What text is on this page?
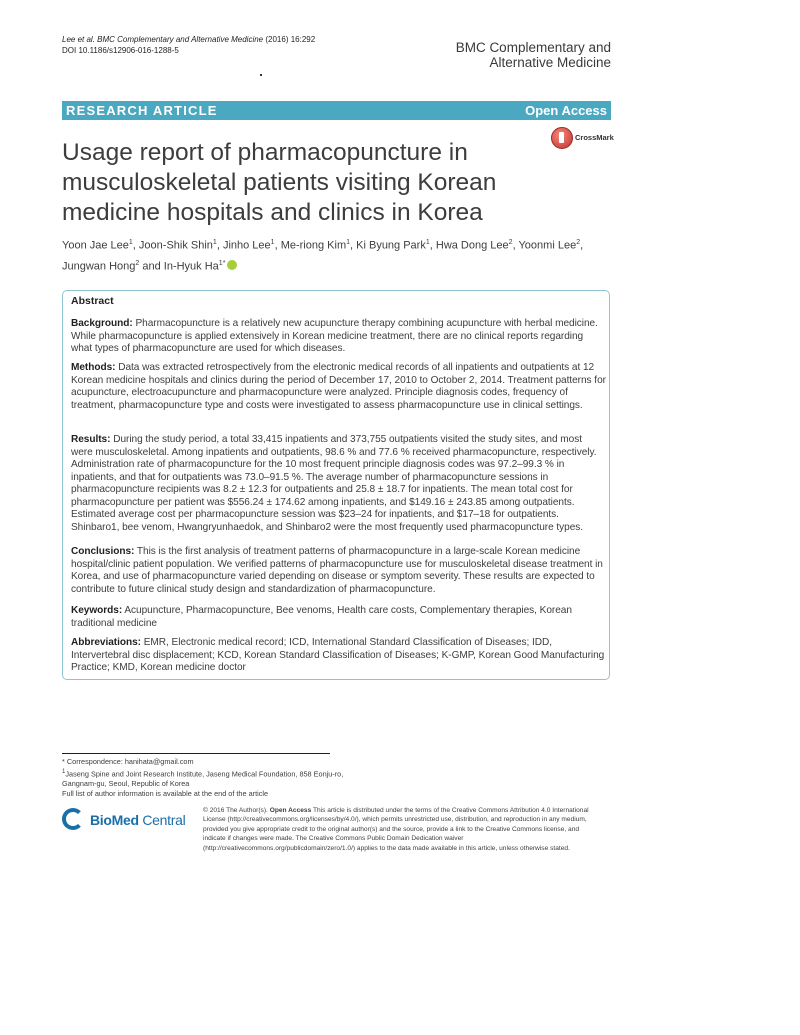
Lee et al. BMC Complementary and Alternative Medicine (2016) 16:292
DOI 10.1186/s12906-016-1288-5	BMC Complementary and
Alternative Medicine
RESEARCH ARTICLE	Open Access
CrossMark
Usage report of pharmacopuncture in musculoskeletal patients visiting Korean medicine hospitals and clinics in Korea
Yoon Jae Lee$^1$, Joon-Shik Shin$^1$, Jinho Lee$^1$, Me-riong Kim$^1$, Ki Byung Park$^1$, Hwa Dong Lee$^2$, Yoonmi Lee$^2$, Jungwan Hong$^2$ and In-Hyuk $Ha^{1*}$
Abstract
Background: Pharmacopuncture is a relatively new acupuncture therapy combining acupuncture with herbal medicine. While pharmacopuncture is applied extensively in Korean medicine treatment, there are no clinical reports regarding what types of pharmacopuncture are used for which diseases.
Methods: Data was extracted retrospectively from the electronic medical records of all inpatients and outpatients at 12 Korean medicine hospitals and clinics during the period of December 17, 2010 to October 2, 2014. Treatment patterns for acupuncture, electroacupuncture and pharmacopuncture were analyzed. Principle diagnosis codes, frequency of treatment, pharmacopuncture type and costs were investigated to assess pharmacopuncture use in clinical settings.
Results: During the study period, a total 33,415 inpatients and 373,755 outpatients visited the study sites, and most were musculoskeletal. Among inpatients and outpatients, 98.6 % and 77.6 % received pharmacopuncture, respectively. Administration rate of pharmacopuncture for the 10 most frequent principle diagnosis codes was 97.2–99.3 % in inpatients, and that for outpatients was 73.0–91.5 %. The average number of pharmacopuncture sessions in pharmacopuncture recipients was 8.2 ± 12.3 for outpatients and 25.8 ± 18.7 for inpatients. The mean total cost for pharmacopuncture per patient was $556.24 ± 174.62 among inpatients, and $149.16 ± 243.85 among outpatients. Estimated average cost per pharmacopuncture session was $23–24 for inpatients, and $17–18 for outpatients. Shinbaro1, bee venom, Hwangryunhaedok, and Shinbaro2 were the most frequently used pharmacopuncture types.
Conclusions: This is the first analysis of treatment patterns of pharmacopuncture in a large-scale Korean medicine hospital/clinic patient population. We verified patterns of pharmacopuncture use for musculoskeletal disease treatment in Korea, and use of pharmacopuncture varied depending on disease or symptom severity. These results are expected to contribute to future clinical study design and standardization of pharmacopuncture.
Keywords: Acupuncture, Pharmacopuncture, Bee venoms, Health care costs, Complementary therapies, Korean traditional medicine
Abbreviations: EMR, Electronic medical record; ICD, International Standard Classification of Diseases; IDD, Intervertebral disc displacement; KCD, Korean Standard Classification of Diseases; K-GMP, Korean Good Manufacturing Practice; KMD, Korean medicine doctor
* Correspondence: hanihata@gmail.com
$^1$Jaseng Spine and Joint Research Institute, Jaseng Medical Foundation, 858 Eonju-ro, Gangnam-gu, Seoul, Republic of Korea
Full list of author information is available at the end of the article
BioMed Central
© 2016 The Author(s). Open Access This article is distributed under the terms of the Creative Commons Attribution 4.0 International License (http://creativecommons.org/licenses/by/4.0/), which permits unrestricted use, distribution, and reproduction in any medium, provided you give appropriate credit to the original author(s) and the source, provide a link to the Creative Commons license, and indicate if changes were made. The Creative Commons Public Domain Dedication waiver (http://creativecommons.org/publicdomain/zero/1.0/) applies to the data made available in this article, unless otherwise stated.
